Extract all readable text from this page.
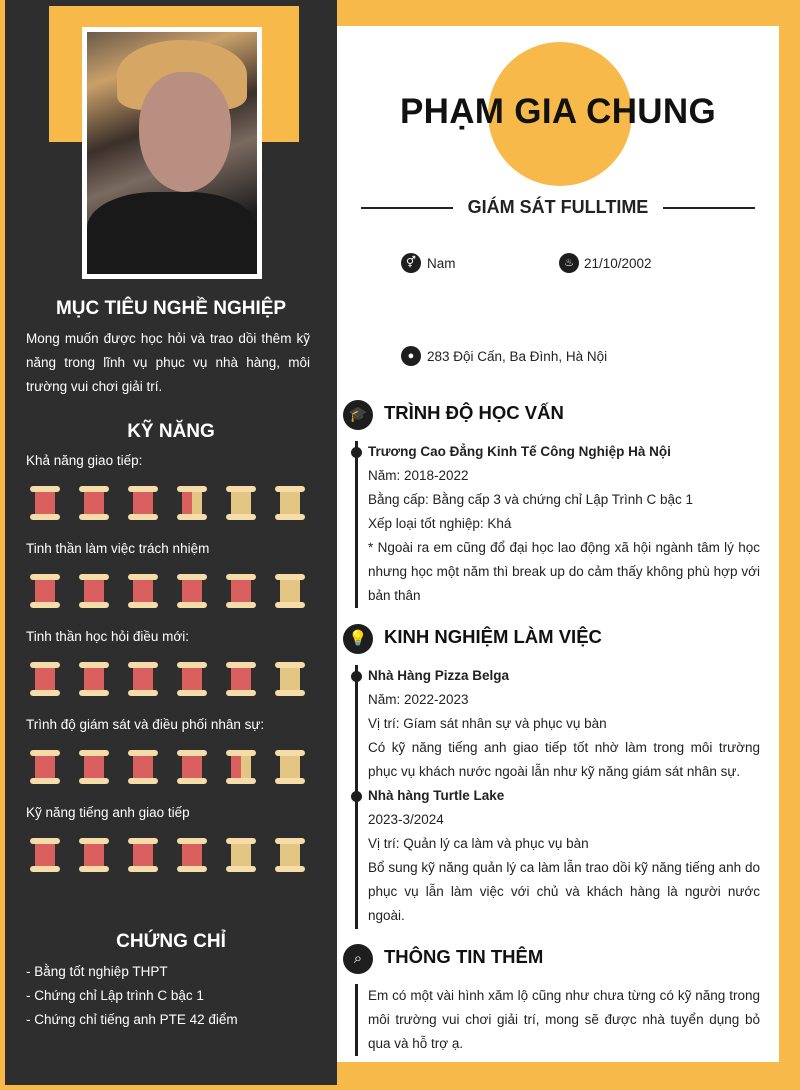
MỤC TIÊU NGHỀ NGHIỆP
Mong muốn được học hỏi và trao dồi thêm kỹ năng trong lĩnh vụ phục vụ nhà hàng, môi trường vui chơi giải trí.
KỸ NĂNG
Khả năng giao tiếp:
Tinh thần làm việc trách nhiệm
Tinh thần học hỏi điều mới:
Trình độ giám sát và điều phối nhân sự:
Kỹ năng tiếng anh giao tiếp
CHỨNG CHỈ
- Bằng tốt nghiệp THPT
- Chứng chỉ Lập trình C bậc 1
- Chứng chỉ tiếng anh PTE 42 điểm
PHẠM GIA CHUNG
GIÁM SÁT FULLTIME
⚥ Nam	♨ 21/10/2002
● 283 Đội Cấn, Ba Đình, Hà Nội
🎓 TRÌNH ĐỘ HỌC VẤN
Trương Cao Đẳng Kinh Tế Công Nghiệp Hà Nội
Năm: 2018-2022
Bằng cấp: Bằng cấp 3 và chứng chỉ Lập Trình C bậc 1
Xếp loại tốt nghiệp: Khá
* Ngoài ra em cũng đổ đại học lao động xã hội ngành tâm lý học nhưng học một năm thì break up do cảm thấy không phù hợp với bản thân
💡 KINH NGHIỆM LÀM VIỆC
Nhà Hàng Pizza Belga
Năm: 2022-2023
Vị trí: Gíam sát nhân sự và phục vụ bàn
Có kỹ năng tiếng anh giao tiếp tốt nhờ làm trong môi trường phục vụ khách nước ngoài lẫn như kỹ năng giám sát nhân sự.
Nhà hàng Turtle Lake
2023-3/2024
Vị trí: Quản lý ca làm và phục vụ bàn
Bổ sung kỹ năng quản lý ca làm lẫn trao dồi kỹ năng tiếng anh do phục vụ lẫn làm việc với chủ và khách hàng là người nước ngoài.
⌕	THÔNG TIN THÊM
Em có một vài hình xăm lộ cũng như chưa từng có kỹ năng trong môi trường vui chơi giải trí, mong sẽ được nhà tuyển dụng bỏ qua và hỗ trợ ạ.
